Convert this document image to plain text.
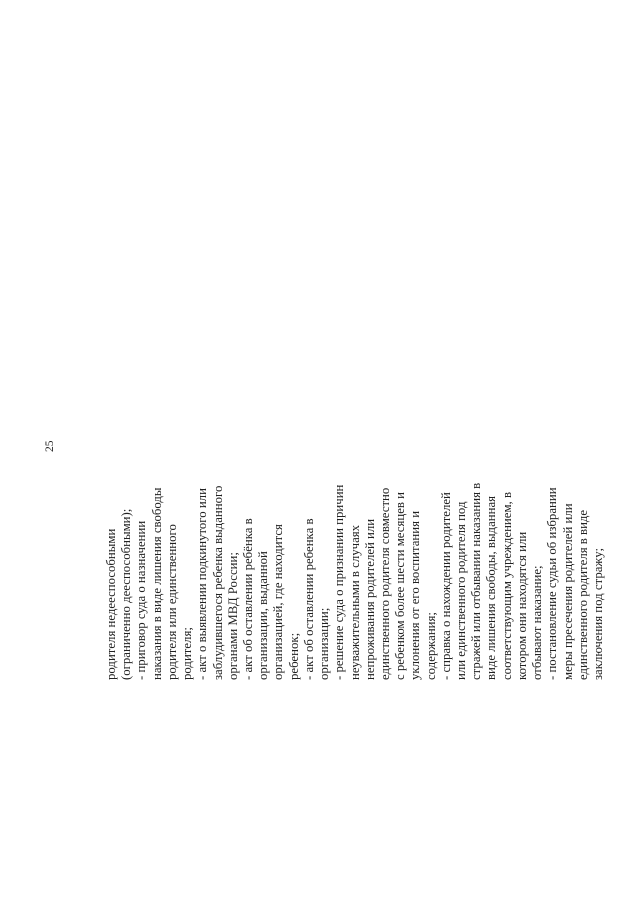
25
родителя недееспособными (ограниченно дееспособными); - приговор суда о назначении наказания в виде лишения свободы родителя или единственного родителя; - акт о выявлении подкинутого или заблудившегося ребенка выданного органами МВД России; - акт об оставлении ребёнка в организации, выданной организацией, где находится ребенок; - акт об оставлении ребенка в организации; - решение суда о признании причин неуважительными в случаях непроживания родителей или единственного родителя совместно с ребенком более шести месяцев и уклонения от его воспитания и содержания; - справка о нахождении родителей или единственного родителя под стражей или отбывании наказания в виде лишения свободы, выданная соответствующим учреждением, в котором они находятся или отбывают наказание; - постановление судьи об избрании меры пресечения родителей или единственного родителя в виде заключения под стражу;
